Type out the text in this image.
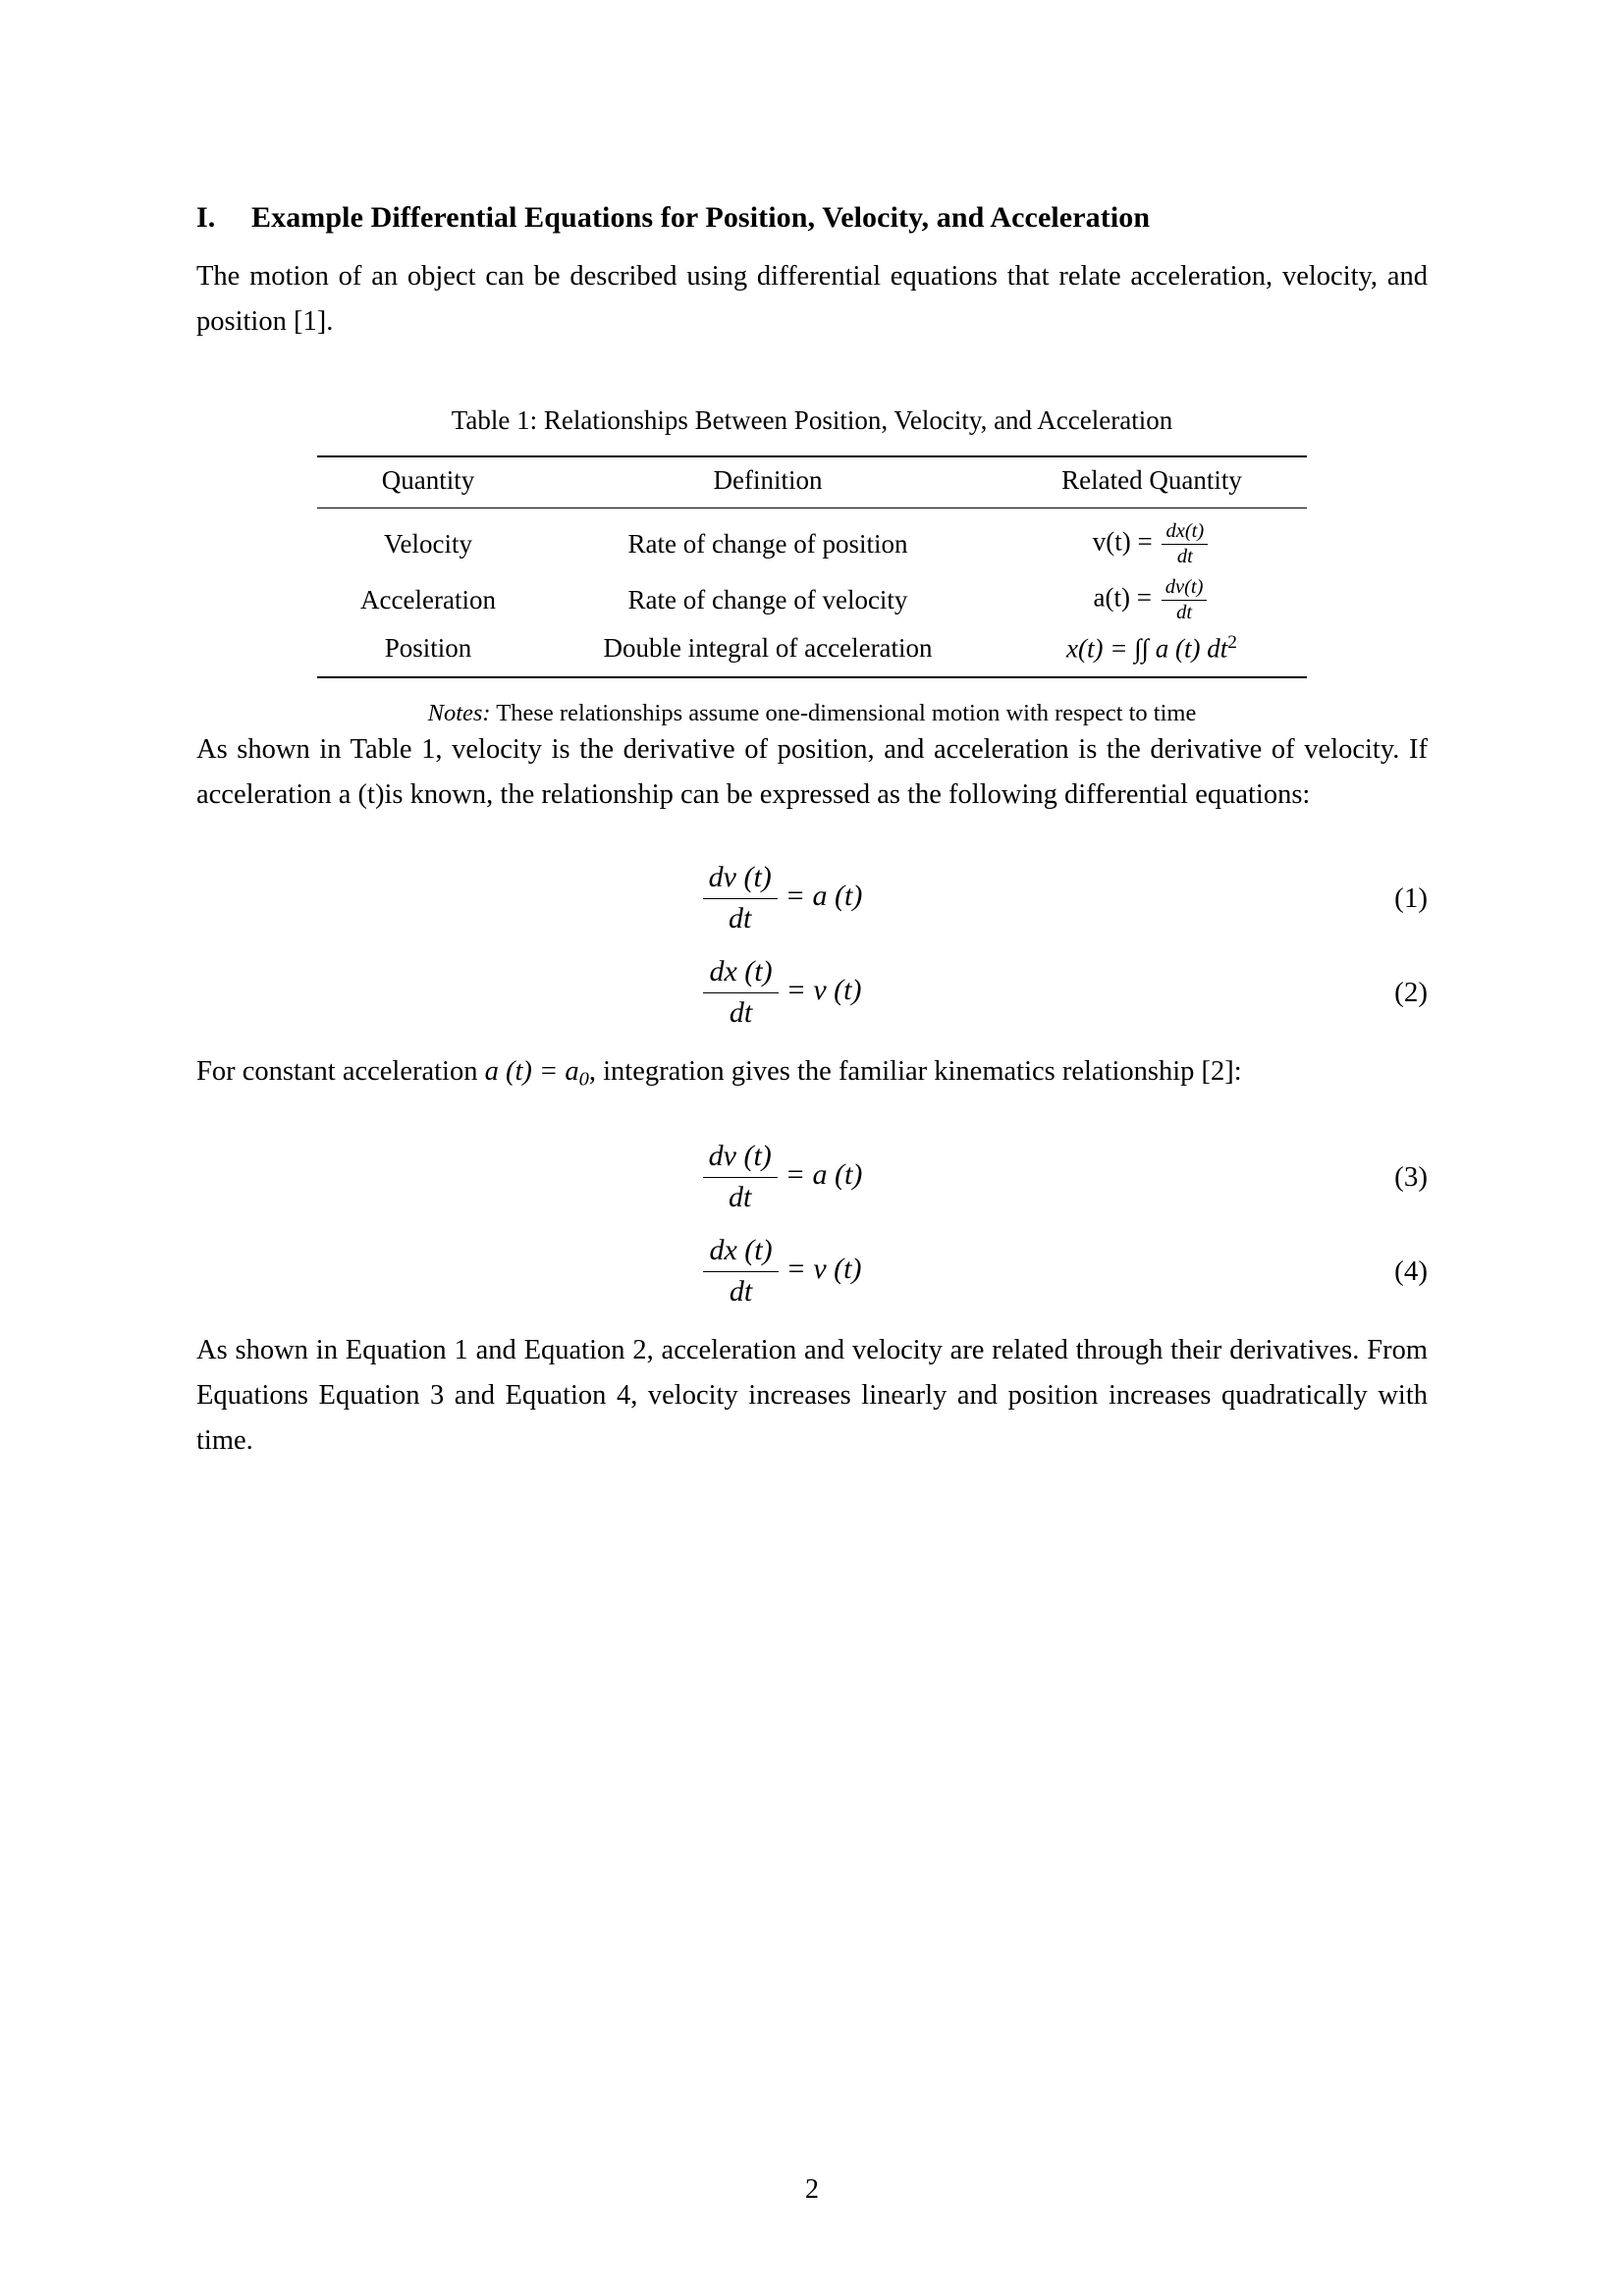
I. Example Differential Equations for Position, Velocity, and Acceleration

The motion of an object can be described using differential equations that relate acceleration, velocity, and position [1].

Table 1: Relationships Between Position, Velocity, and Acceleration
Quantity	Definition	Related Quantity
Velocity	Rate of change of position	$v(t) = \frac{dx(t)}{dt}$

Acceleration	Rate of change of velocity	$a(t) = \frac{dv(t)}{dt}$

Position	Double integral of acceleration	x(t) = ∫∫ a (t) $dt^2$
Notes: These relationships assume one-dimensional motion with respect to time

As shown in Table 1, velocity is the derivative of position, and acceleration is the derivative of velocity. If acceleration a (t)is known, the relationship can be expressed as the following differential equations:

$\frac{dv (t)}{dt} = a$ (t)	(1)
$\frac{dx (t)}{dt} = v$ (t)	(2)

For constant acceleration a $(t) = a_0$, integration gives the familiar kinematics relationship [2]:

$\frac{dv (t)}{dt} = a$ (t)	(3)
$\frac{dx (t)}{dt} = v$ (t)	(4)

As shown in Equation 1 and Equation 2, acceleration and velocity are related through their derivatives. From Equations Equation 3 and Equation 4, velocity increases linearly and position increases quadratically with time.

2
